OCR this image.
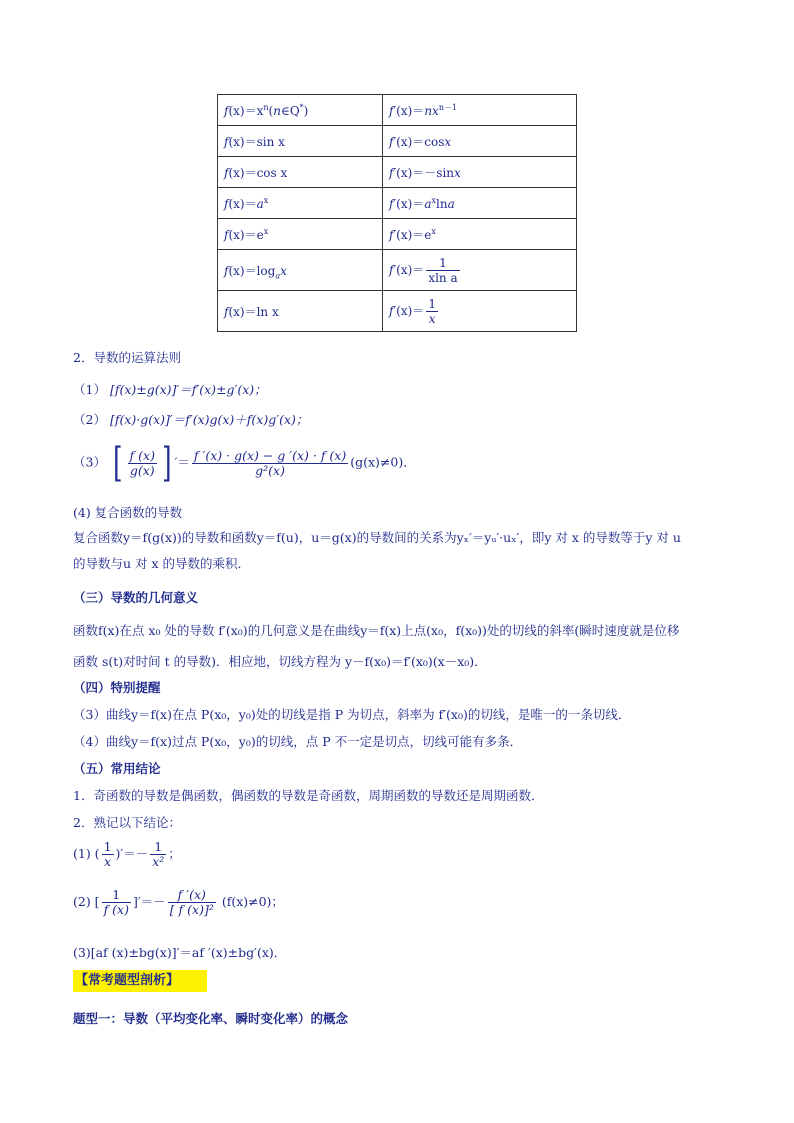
$f(x)=x^n(n\in Q^*)$	$f'(x)=nx^{n-1}$
f(x)＝sin x	f′(x)＝cosx
f(x)＝cos x	f′(x)＝－sinx
$f(x)=a^x$	$f'(x)=a^x\ln a$
$f(x)=e^x$	$f'(x)=e^x$
$f(x)=\log_ax$	$f'(x)= \frac{1}{\text{xln a}}$

f(x)＝ln x	$f'(x)= \frac{1}{x}$
2．导数的运算法则
（1） [f(x)±g(x)]′＝f′(x)±g′(x)；
（2） [f(x)·g(x)]′＝f′(x)g(x)＋f(x)g′(x)；
（3） [ $\frac{f (x)}{g(x)}$ ] ′＝ $\frac{f '(x) \cdot g(x) - g '(x) \cdot f (x)}{\text{g²(x)}} (g(x)\ne 0)$．
(4) 复合函数的导数
复合函数y＝f(g(x))的导数和函数y＝f(u)，u＝g(x)的导数间的关系为yₓ′＝yᵤ′·uₓ′，即y 对 x 的导数等于y 对 u
的导数与u 对 x 的导数的乘积．
（三）导数的几何意义
函数f(x)在点 x₀ 处的导数 f′(x₀)的几何意义是在曲线y＝f(x)上点(x₀，f(x₀))处的切线的斜率(瞬时速度就是位移
函数 s(t)对时间 t 的导数)．相应地，切线方程为 y－f(x₀)＝f′(x₀)(x－x₀)．
（四）特别提醒
（3）曲线y＝f(x)在点 P(x₀，y₀)处的切线是指 P 为切点，斜率为 f′(x₀)的切线，是唯一的一条切线．
（4）曲线y＝f(x)过点 P(x₀，y₀)的切线，点 P 不一定是切点，切线可能有多条．
（五）常用结论
1．奇函数的导数是偶函数，偶函数的导数是奇函数，周期函数的导数还是周期函数．
2．熟记以下结论：
(1) ( $\frac{1}{x}$ )′＝－ $\frac{1}{\text{x²}}$ ；
(2) [ $\frac{1}{f (x)}$ ]′＝－ $\frac{f '(x)}{\text{[ f (x)]²}} (f(x)\ne 0)$；
(3)[af (x)±bg(x)]′＝af ′(x)±bg′(x)．
【常考题型剖析】
题型一：导数（平均变化率、瞬时变化率）的概念
